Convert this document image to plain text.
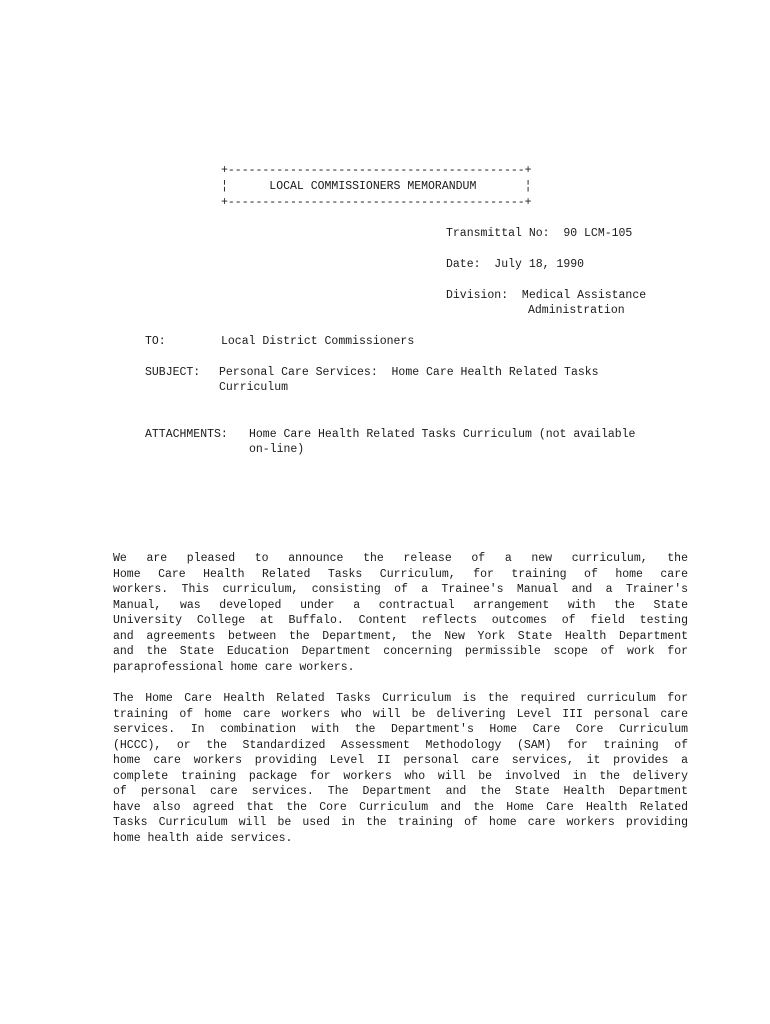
+-------------------------------------------+

¦      LOCAL COMMISSIONERS MEMORANDUM       ¦

+-------------------------------------------+

Transmittal No:  90 LCM-105

Date:  July 18, 1990

Division:  Medical Assistance

Administration

TO:	Local District Commissioners

SUBJECT: Personal Care Services:  Home Care Health Related Tasks

Curriculum

ATTACHMENTS: Home Care Health Related Tasks Curriculum (not available

on-line)

We are pleased to announce the release of a new curriculum, the
Home Care Health Related Tasks Curriculum, for training of home care
workers. This curriculum, consisting of a Trainee's Manual and a Trainer's
Manual, was developed under a contractual arrangement with the State
University College at Buffalo. Content reflects outcomes of field testing
and agreements between the Department, the New York State Health Department
and the State Education Department concerning permissible scope of work for
paraprofessional home care workers.
The Home Care Health Related Tasks Curriculum is the required curriculum for
training of home care workers who will be delivering Level III personal care
services. In combination with the Department's Home Care Core Curriculum
(HCCC), or the Standardized Assessment Methodology (SAM) for training of
home care workers providing Level II personal care services, it provides a
complete training package for workers who will be involved in the delivery
of personal care services. The Department and the State Health Department
have also agreed that the Core Curriculum and the Home Care Health Related
Tasks Curriculum will be used in the training of home care workers providing
home health aide services.
